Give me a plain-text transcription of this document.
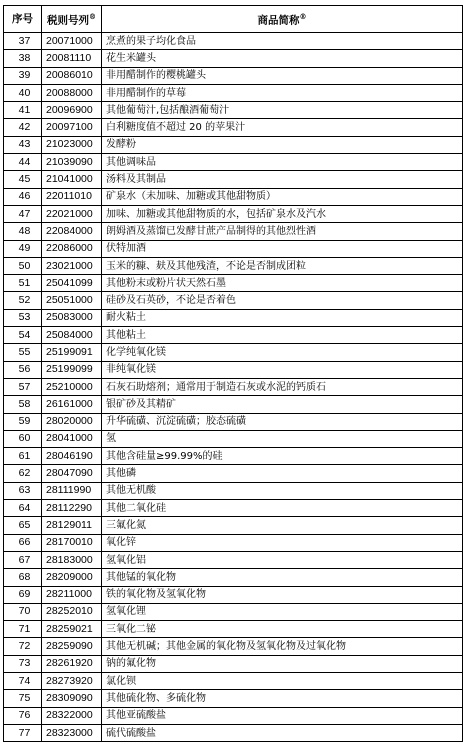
序号	税则号列®	商品简称®
37	20071000	烹煮的果子均化食品
38	20081110	花生米罐头
39	20086010	非用醋制作的樱桃罐头
40	20088000	非用醋制作的草莓
41	20096900	其他葡萄汁,包括酿酒葡萄汁
42	20097100	白利糖度值不超过 20 的苹果汁
43	21023000	发酵粉
44	21039090	其他调味品
45	21041000	汤料及其制品
46	22011010	矿泉水（未加味、加糖或其他甜物质）
47	22021000	加味、加糖或其他甜物质的水，包括矿泉水及汽水
48	22084000	朗姆酒及蒸馏已发酵甘蔗产品制得的其他烈性酒
49	22086000	伏特加酒
50	23021000	玉米的糠、麸及其他残渣，不论是否制成团粒
51	25041099	其他粉末或粉片状天然石墨
52	25051000	硅砂及石英砂，不论是否着色
53	25083000	耐火粘土
54	25084000	其他粘土
55	25199091	化学纯氧化镁
56	25199099	非纯氧化镁
57	25210000	石灰石助熔剂；通常用于制造石灰或水泥的钙质石
58	26161000	银矿砂及其精矿
59	28020000	升华硫磺、沉淀硫磺；胶态硫磺
60	28041000	氢
61	28046190	其他含硅量≥99.99%的硅
62	28047090	其他磷
63	28111990	其他无机酸
64	28112290	其他二氧化硅
65	28129011	三氟化氮
66	28170010	氧化锌
67	28183000	氢氧化铝
68	28209000	其他锰的氧化物
69	28211000	铁的氧化物及氢氧化物
70	28252010	氢氧化锂
71	28259021	三氧化二铋
72	28259090	其他无机碱；其他金属的氧化物及氢氧化物及过氧化物
73	28261920	钠的氟化物
74	28273920	氯化钡
75	28309090	其他硫化物、多硫化物
76	28322000	其他亚硫酸盐
77	28323000	硫代硫酸盐
